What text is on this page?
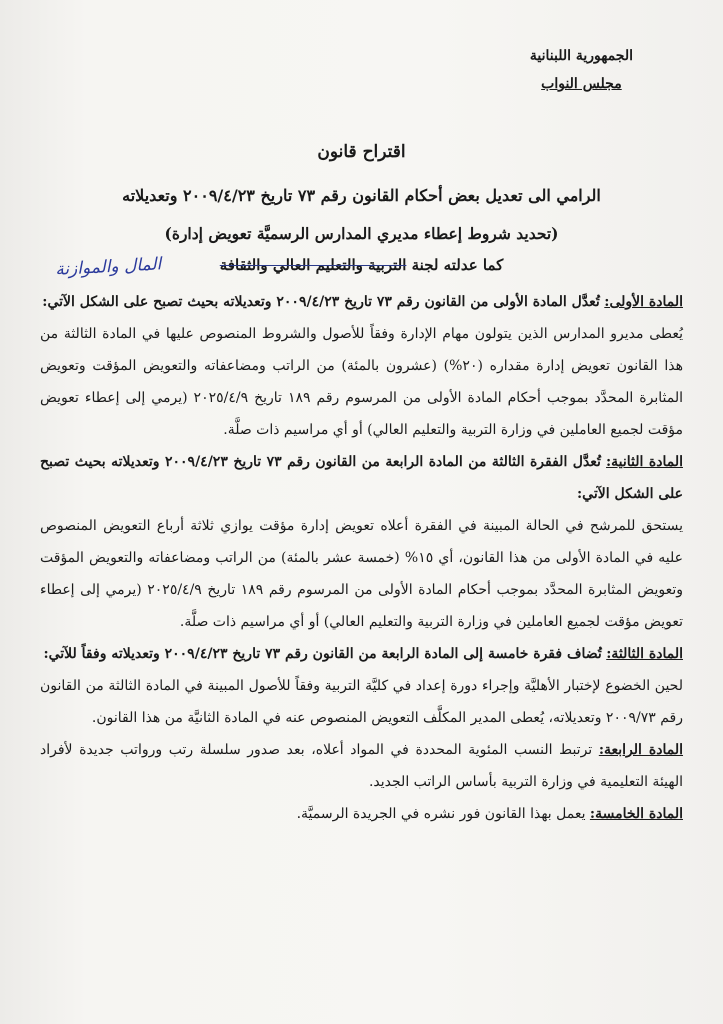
الجمهورية اللبنانية
مجلس النواب
اقتراح قانون
الرامي الى تعديل بعض أحكام القانون رقم ٧٣ تاريخ ٢٠٠٩/٤/٢٣ وتعديلاته
(تحديد شروط إعطاء مديري المدارس الرسميَّة تعويض إدارة)
كما عدلته لجنة التربية والتعليم العالي والثقافة
المال والموازنة

المادة الأولى: تُعدَّل المادة الأولى من القانون رقم ٧٣ تاريخ ٢٠٠٩/٤/٢٣ وتعديلاته بحيث تصبح على الشكل الآتي:

يُعطى مديرو المدارس الذين يتولون مهام الإدارة وفقاً للأصول والشروط المنصوص عليها في المادة الثالثة من هذا القانون تعويض إدارة مقداره (٢٠%) (عشرون بالمئة) من الراتب ومضاعفاته والتعويض المؤقت وتعويض المثابرة المحدَّد بموجب أحكام المادة الأولى من المرسوم رقم ١٨٩ تاريخ ٢٠٢٥/٤/٩ (يرمي إلى إعطاء تعويض مؤقت لجميع العاملين في وزارة التربية والتعليم العالي) أو أي مراسيم ذات صلَّة.

المادة الثانية: تُعدَّل الفقرة الثالثة من المادة الرابعة من القانون رقم ٧٣ تاريخ ٢٠٠٩/٤/٢٣ وتعديلاته بحيث تصبح على الشكل الآتي:

يستحق للمرشح في الحالة المبينة في الفقرة أعلاه تعويض إدارة مؤقت يوازي ثلاثة أرباع التعويض المنصوص عليه في المادة الأولى من هذا القانون، أي ١٥% (خمسة عشر بالمئة) من الراتب ومضاعفاته والتعويض المؤقت وتعويض المثابرة المحدَّد بموجب أحكام المادة الأولى من المرسوم رقم ١٨٩ تاريخ ٢٠٢٥/٤/٩ (يرمي إلى إعطاء تعويض مؤقت لجميع العاملين في وزارة التربية والتعليم العالي) أو أي مراسيم ذات صلَّة.

المادة الثالثة: تُضاف فقرة خامسة إلى المادة الرابعة من القانون رقم ٧٣ تاريخ ٢٠٠٩/٤/٢٣ وتعديلاته وفقاً للآتي:

لحين الخضوع لإختبار الأهليَّة وإجراء دورة إعداد في كليَّة التربية وفقاً للأصول المبينة في المادة الثالثة من القانون رقم ٢٠٠٩/٧٣ وتعديلاته، يُعطى المدير المكلَّف التعويض المنصوص عنه في المادة الثانيَّة من هذا القانون.

المادة الرابعة: ترتبط النسب المئوية المحددة في المواد أعلاه، بعد صدور سلسلة رتب ورواتب جديدة لأفراد الهيئة التعليمية في وزارة التربية بأساس الراتب الجديد.

المادة الخامسة: يعمل بهذا القانون فور نشره في الجريدة الرسميَّة.
